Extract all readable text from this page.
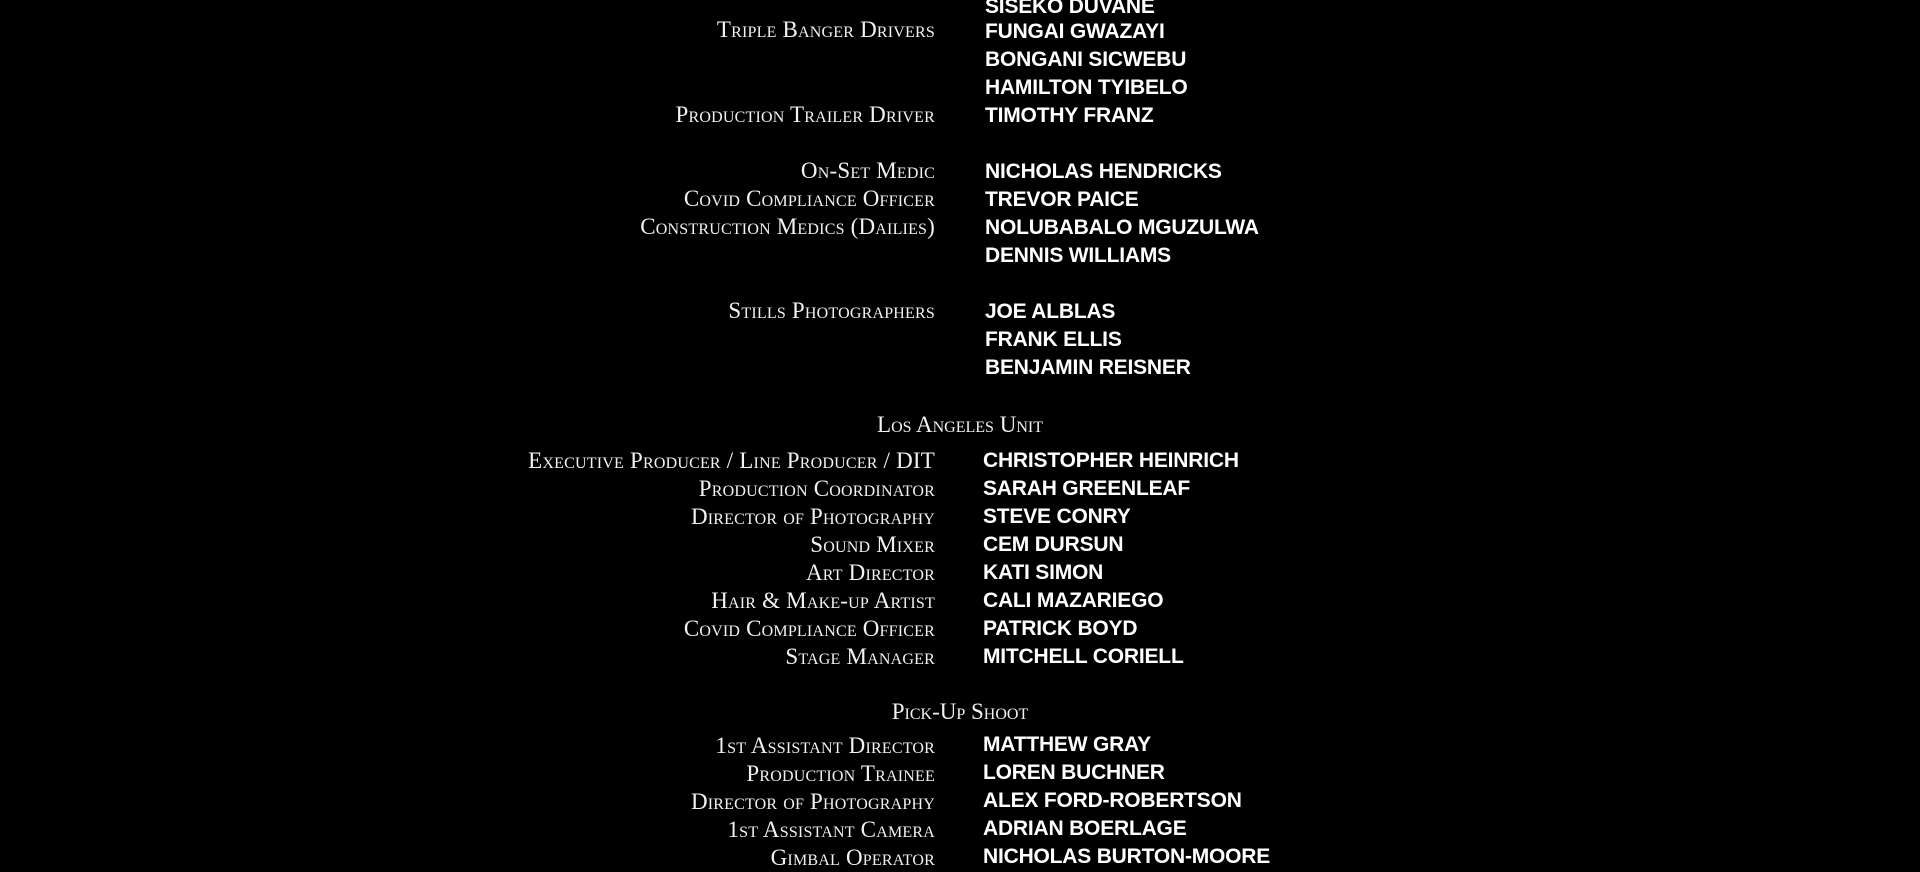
Triple Banger Drivers
SISEKO DUVANE
FUNGAI GWAZAYI
BONGANI SICWEBU
HAMILTON TYIBELO
Production Trailer Driver TIMOTHY FRANZ
On-Set Medic NICHOLAS HENDRICKS
Covid Compliance Officer TREVOR PAICE
Construction Medics (Dailies) NOLUBABALO MGUZULWA
DENNIS WILLIAMS
Stills Photographers JOE ALBLAS
FRANK ELLIS
BENJAMIN REISNER
Los Angeles Unit
Executive Producer / Line Producer / DIT CHRISTOPHER HEINRICH
Production Coordinator SARAH GREENLEAF
Director of Photography STEVE CONRY
Sound Mixer CEM DURSUN
Art Director KATI SIMON
Hair & Make-up Artist CALI MAZARIEGO
Covid Compliance Officer PATRICK BOYD
Stage Manager MITCHELL CORIELL
Pick-Up Shoot
1st Assistant Director MATTHEW GRAY
Production Trainee LOREN BUCHNER
Director of Photography ALEX FORD-ROBERTSON
1st Assistant Camera ADRIAN BOERLAGE
Gimbal Operator NICHOLAS BURTON-MOORE
